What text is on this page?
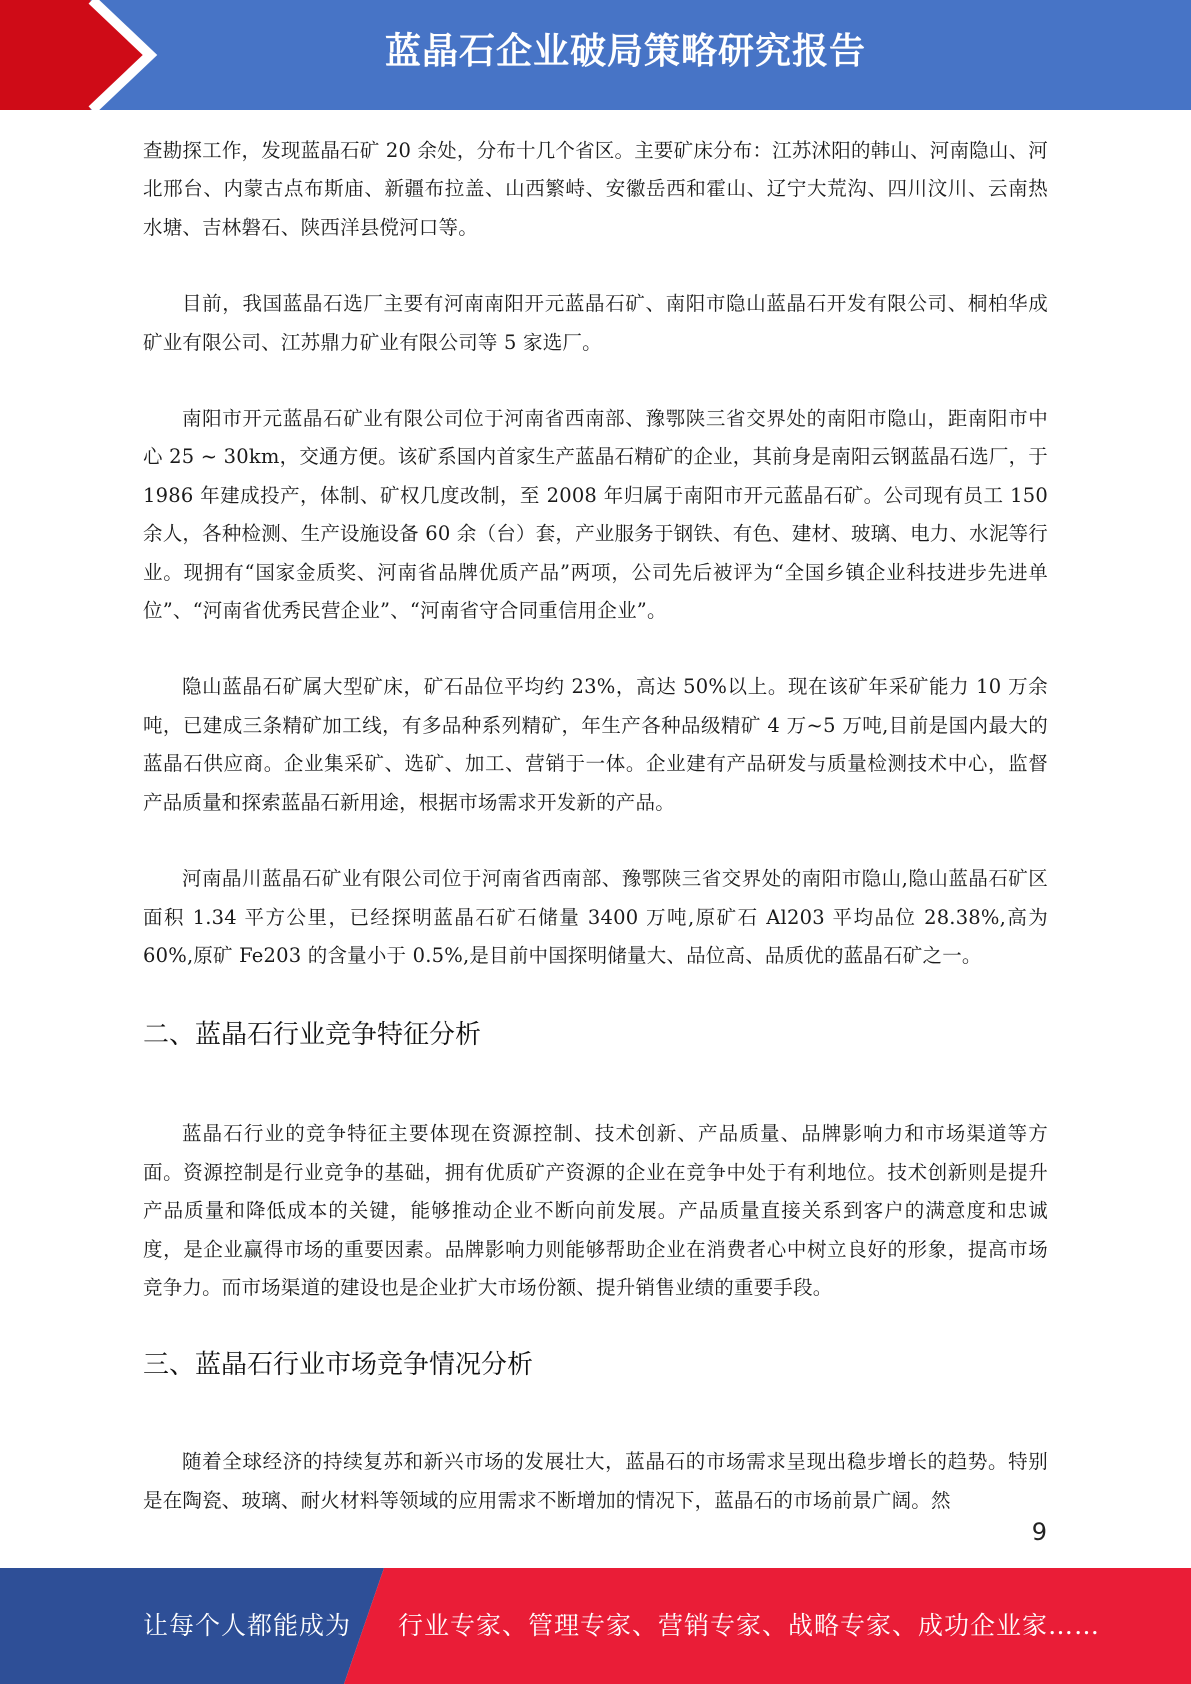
蓝晶石企业破局策略研究报告

查勘探工作，发现蓝晶石矿 20 余处，分布十几个省区。主要矿床分布：江苏沭阳的韩山、河南隐山、河北邢台、内蒙古点布斯庙、新疆布拉盖、山西繁峙、安徽岳西和霍山、辽宁大荒沟、四川汶川、云南热水塘、吉林磐石、陕西洋县傥河口等。

目前，我国蓝晶石选厂主要有河南南阳开元蓝晶石矿、南阳市隐山蓝晶石开发有限公司、桐柏华成矿业有限公司、江苏鼎力矿业有限公司等 5 家选厂。

南阳市开元蓝晶石矿业有限公司位于河南省西南部、豫鄂陕三省交界处的南阳市隐山，距南阳市中心 25 ~ 30km，交通方便。该矿系国内首家生产蓝晶石精矿的企业，其前身是南阳云钢蓝晶石选厂，于 1986 年建成投产，体制、矿权几度改制，至 2008 年归属于南阳市开元蓝晶石矿。公司现有员工 150 余人，各种检测、生产设施设备 60 余（台）套，产业服务于钢铁、有色、建材、玻璃、电力、水泥等行业。现拥有“国家金质奖、河南省品牌优质产品”两项，公司先后被评为“全国乡镇企业科技进步先进单位”、“河南省优秀民营企业”、“河南省守合同重信用企业”。

隐山蓝晶石矿属大型矿床，矿石品位平均约 23%，高达 50%以上。现在该矿年采矿能力 10 万余吨，已建成三条精矿加工线，有多品种系列精矿，年生产各种品级精矿 4 万~5 万吨,目前是国内最大的蓝晶石供应商。企业集采矿、选矿、加工、营销于一体。企业建有产品研发与质量检测技术中心，监督产品质量和探索蓝晶石新用途，根据市场需求开发新的产品。

河南晶川蓝晶石矿业有限公司位于河南省西南部、豫鄂陕三省交界处的南阳市隐山,隐山蓝晶石矿区面积 1.34 平方公里，已经探明蓝晶石矿石储量 3400 万吨,原矿石 Al203 平均品位 28.38%,高为 60%,原矿 Fe203 的含量小于 0.5%,是目前中国探明储量大、品位高、品质优的蓝晶石矿之一。

二、蓝晶石行业竞争特征分析

蓝晶石行业的竞争特征主要体现在资源控制、技术创新、产品质量、品牌影响力和市场渠道等方面。资源控制是行业竞争的基础，拥有优质矿产资源的企业在竞争中处于有利地位。技术创新则是提升产品质量和降低成本的关键，能够推动企业不断向前发展。产品质量直接关系到客户的满意度和忠诚度，是企业赢得市场的重要因素。品牌影响力则能够帮助企业在消费者心中树立良好的形象，提高市场竞争力。而市场渠道的建设也是企业扩大市场份额、提升销售业绩的重要手段。

三、蓝晶石行业市场竞争情况分析

随着全球经济的持续复苏和新兴市场的发展壮大，蓝晶石的市场需求呈现出稳步增长的趋势。特别是在陶瓷、玻璃、耐火材料等领域的应用需求不断增加的情况下，蓝晶石的市场前景广阔。然

9
让每个人都能成为 行业专家、管理专家、营销专家、战略专家、成功企业家……
